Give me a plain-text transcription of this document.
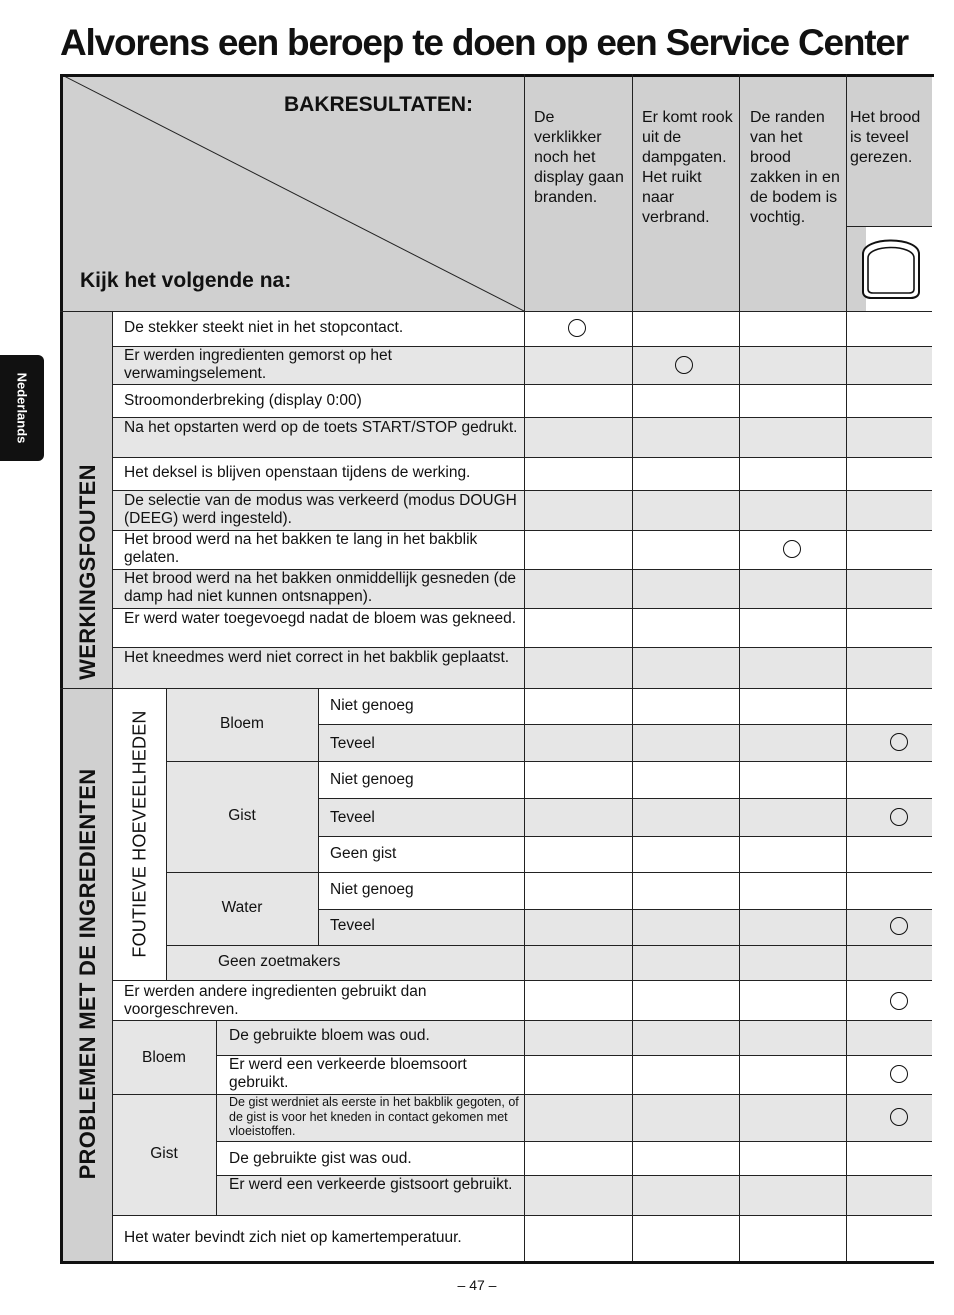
Alvorens een beroep te doen op een Service Center
Nederlands
BAKRESULTATEN:
Kijk het volgende na:
De verklikker noch het display gaan branden.
Er komt rook uit de dampgaten. Het ruikt naar verbrand.
De randen van het brood zakken in en de bodem is vochtig.
Het brood is teveel gerezen.
WERKINGSFOUTEN
PROBLEMEN MET DE INGREDIENTEN FOUTIEVE HOEVEELHEDEN
De stekker steekt niet in het stopcontact.
Er werden ingredienten gemorst op het verwamingselement.
Stroomonderbreking (display 0:00)
Na het opstarten werd op de toets START/STOP gedrukt.
Het deksel is blijven openstaan tijdens de werking.
De selectie van de modus was verkeerd (modus DOUGH (DEEG) werd ingesteld).
Het brood werd na het bakken te lang in het bakblik gelaten.
Het brood werd na het bakken onmiddellijk gesneden (de damp had niet kunnen ontsnappen).
Er werd water toegevoegd nadat de bloem was gekneed.
Het kneedmes werd niet correct in het bakblik geplaatst.
Bloem
Gist
Water
Niet genoeg
Teveel
Niet genoeg
Teveel
Geen gist
Niet genoeg
Teveel
Geen zoetmakers
Er werden andere ingredienten gebruikt dan voorgeschreven.
Bloem
Gist
De gebruikte bloem was oud.
Er werd een verkeerde bloemsoort gebruikt.
De gist werdniet als eerste in het bakblik gegoten, of de gist is voor het kneden in contact gekomen met vloeistoffen.
De gebruikte gist was oud.
Er werd een verkeerde gistsoort gebruikt.
Het water bevindt zich niet op kamertemperatuur.
– 47 –
